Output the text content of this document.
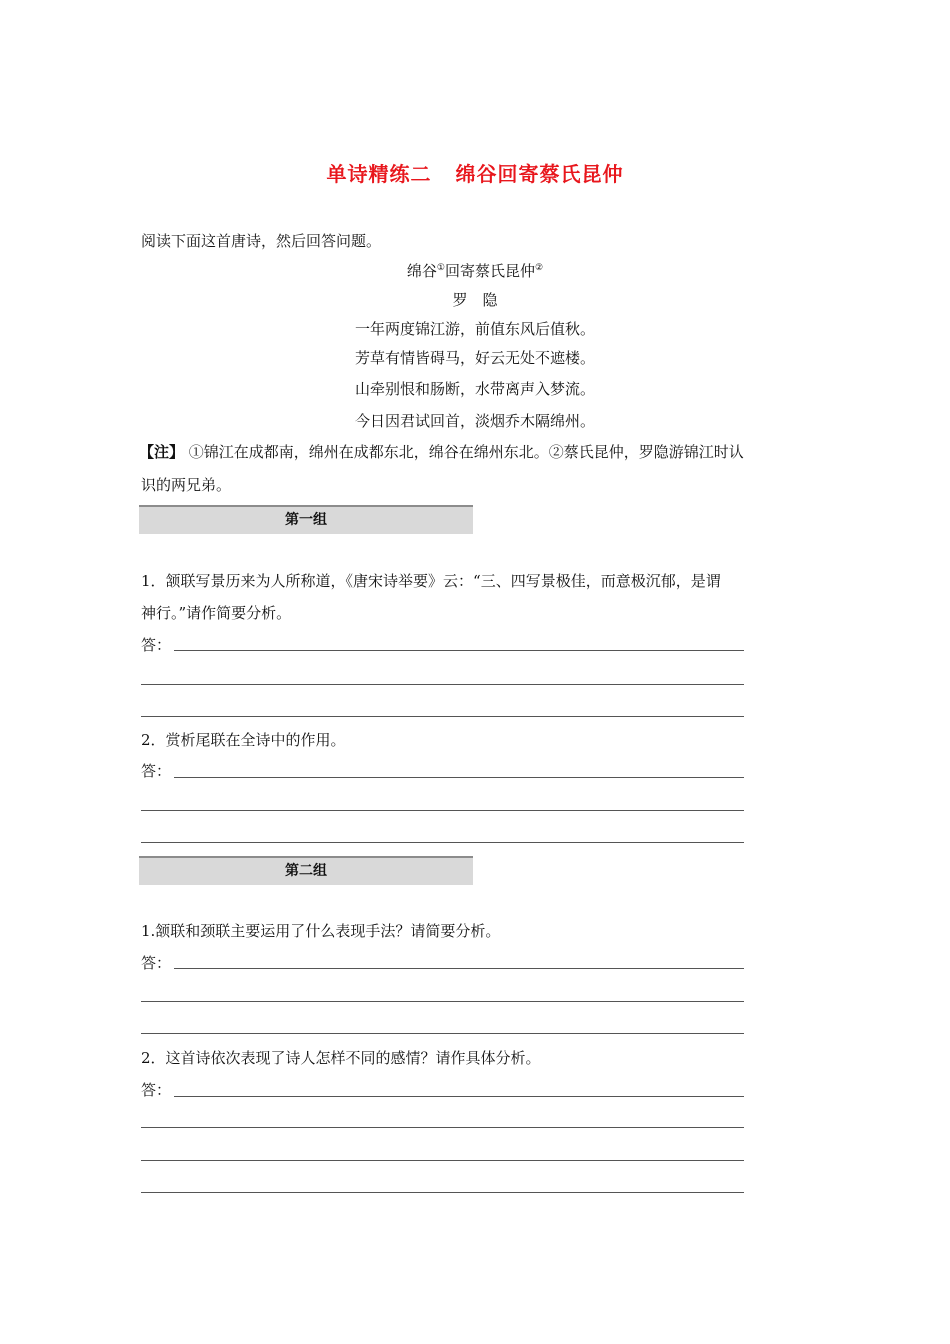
单诗精练二 绵谷回寄蔡氏昆仲
阅读下面这首唐诗，然后回答问题。
绵谷①回寄蔡氏昆仲②
罗　隐
一年两度锦江游，前值东风后值秋。
芳草有情皆碍马，好云无处不遮楼。
山牵别恨和肠断，水带离声入梦流。
今日因君试回首，淡烟乔木隔绵州。
【注】 ①锦江在成都南，绵州在成都东北，绵谷在绵州东北。②蔡氏昆仲，罗隐游锦江时认
识的两兄弟。
第一组
1．颔联写景历来为人所称道，《唐宋诗举要》云：“三、四写景极佳，而意极沉郁，是谓
神行。”请作简要分析。
答：
2．赏析尾联在全诗中的作用。
答：
第二组
1.颔联和颈联主要运用了什么表现手法？请简要分析。
答：
2．这首诗依次表现了诗人怎样不同的感情？请作具体分析。
答：
